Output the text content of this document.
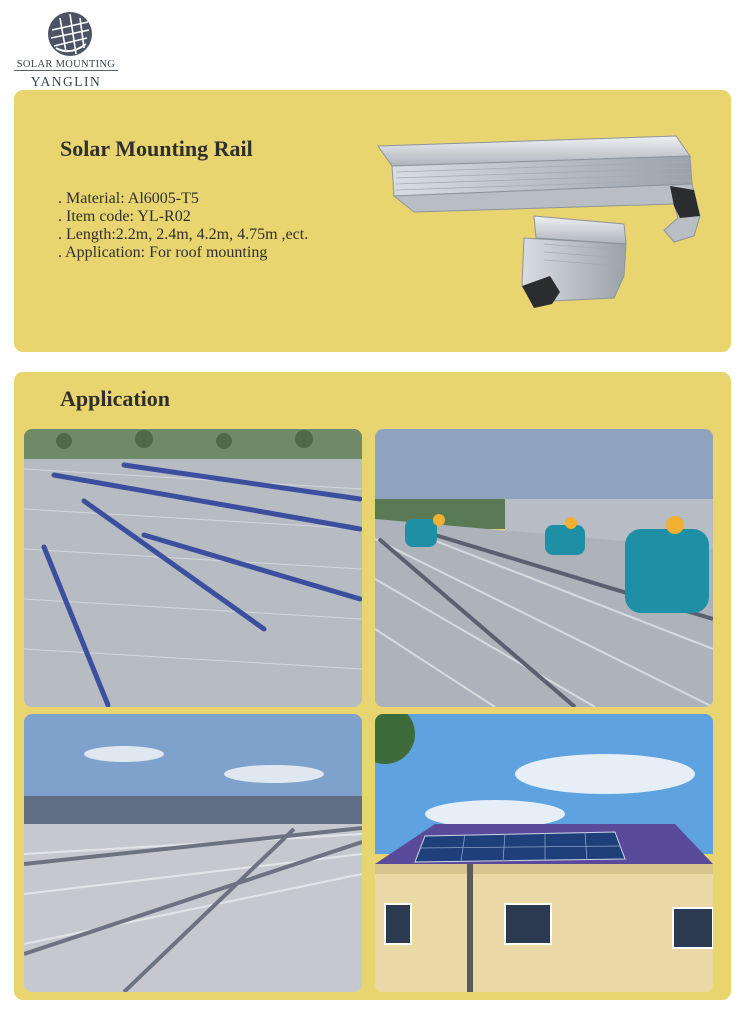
SOLAR MOUNTING
YANGLIN
Solar Mounting Rail
. Material: Al6005-T5
. Item code: YL-R02
. Length:2.2m, 2.4m, 4.2m, 4.75m ,ect.
. Application: For roof mounting
Application
